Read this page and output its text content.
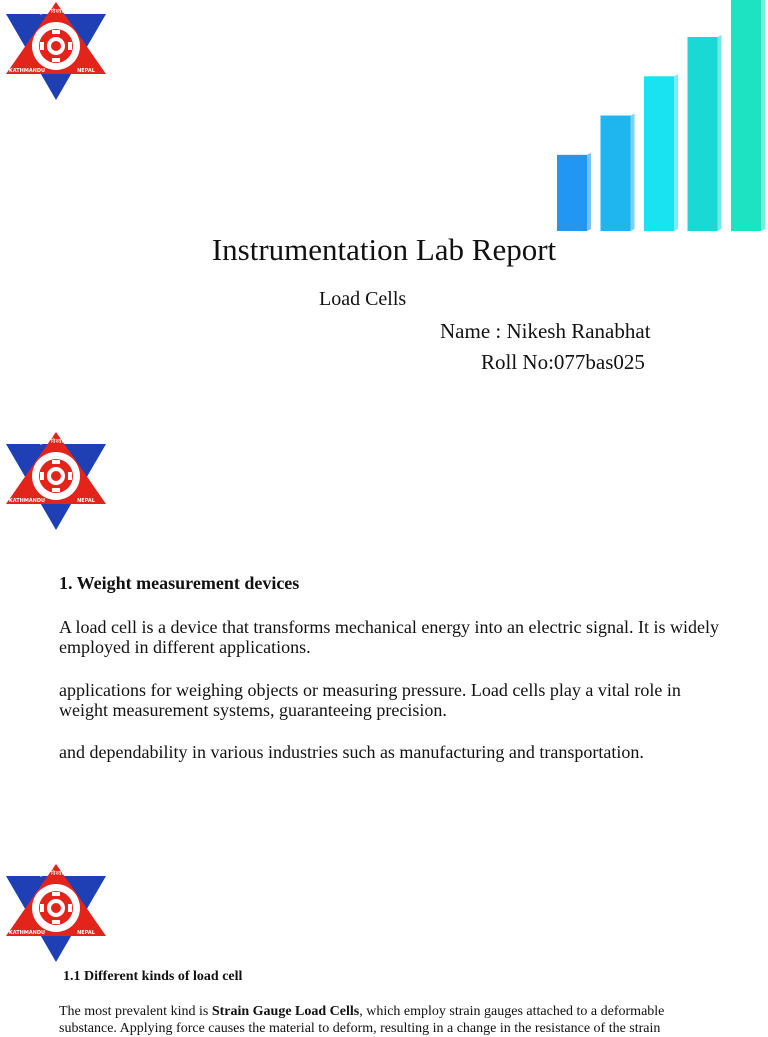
त्रिभुवन विश्वविद्यालय
KATHMANDU	NEPAL
Instrumentation Lab Report
Load Cells
Name : Nikesh Ranabhat
Roll No:077bas025
त्रिभुवन विश्वविद्यालय
KATHMANDU	NEPAL
1. Weight measurement devices

A load cell is a device that transforms mechanical energy into an electric signal. It is widely employed in different applications.

applications for weighing objects or measuring pressure. Load cells play a vital role in weight measurement systems, guaranteeing precision.

and dependability in various industries such as manufacturing and transportation.

त्रिभुवन विश्वविद्यालय
KATHMANDU	NEPAL
1.1 Different kinds of load cell

The most prevalent kind is Strain Gauge Load Cells, which employ strain gauges attached to a deformable substance. Applying force causes the material to deform, resulting in a change in the resistance of the strain
